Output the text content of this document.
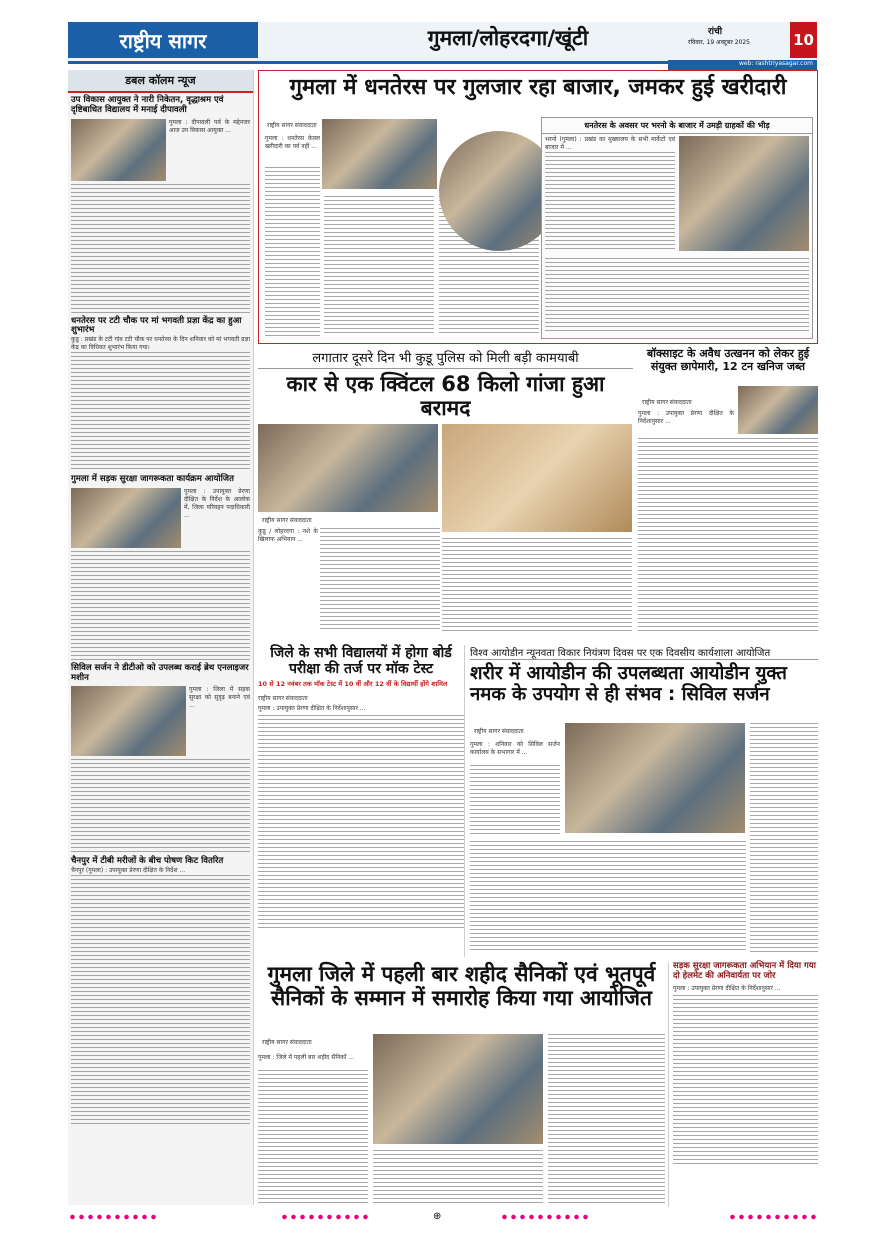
राष्ट्रीय सागर	गुमला/लोहरदगा/खूंटी	रांची
रविवार, 19 अक्टूबर 2025	10
web: rashtriyasagar.com
डबल कॉलम न्यूज
उप विकास आयुक्त ने नारी निकेतन, वृद्धाश्रम एवं दृष्टिबाधित विद्यालय में मनाई दीपावली
गुमला : दीपावली पर्व के मद्देनजर आज उप विकास आयुक्त ...
धनतेरस पर टटी चौक पर मां भगवती प्रज्ञा केंद्र का हुआ शुभारंभ
कुडू : प्रखंड के टटी गांव टटी चौक पर धनतेरस के दिन शनिवार को मां भगवती प्रज्ञा केंद्र का विधिवत शुभारंभ किया गया।
गुमला में सड़क सुरक्षा जागरूकता कार्यक्रम आयोजित
गुमला : उपायुक्त प्रेरणा दीक्षित के निर्देश के आलोक में, जिला परिवहन पदाधिकारी ...
सिविल सर्जन ने डीटीओ को उपलब्ध कराई ब्रेथ एनलाइजर मशीन
गुमला : जिला में सड़क सुरक्षा को सुदृढ़ बनाने एवं ...
चैनपुर में टीबी मरीजों के बीच पोषण किट वितरित
चैनपुर (गुमला) : उपायुक्त प्रेरणा दीक्षित के निर्देश ...
गुमला में धनतेरस पर गुलजार रहा बाजार, जमकर हुई खरीदारी
राष्ट्रीय सागर संवाददाता
गुमला : धनतेरस केवल खरीदारी का पर्व नहीं ...
धनतेरस के अवसर पर भरनो के बाजार में उमड़ी ग्राहकों की भीड़
भरनो (गुमला) : प्रखंड का मुख्यालय के सभी मार्केटों एवं बाजार में ...
लगातार दूसरे दिन भी कुडू पुलिस को मिली बड़ी कामयाबी
कार से एक क्विंटल 68 किलो गांजा हुआ बरामद
राष्ट्रीय सागर संवाददाता
कुडू / लोहरदगा : नशे के खिलाफ अभियान ...
बॉक्साइट के अवैध उत्खनन को लेकर हुई संयुक्त छापेमारी, 12 टन खनिज जब्त
राष्ट्रीय सागर संवाददाता
गुमला : उपायुक्त प्रेरणा दीक्षित के निर्देशानुसार ...
जिले के सभी विद्यालयों में होगा बोर्ड परीक्षा की तर्ज पर मॉक टेस्ट
10 से 12 नवंबर तक मॉक टेस्ट में 10 वीं और 12 वीं के विद्यार्थी होंगे शामिल
राष्ट्रीय सागर संवाददाता
गुमला : उपायुक्त प्रेरणा दीक्षित के निर्देशानुसार ...
विश्व आयोडीन न्यूनवता विकार नियंत्रण दिवस पर एक दिवसीय कार्यशाला आयोजित
शरीर में आयोडीन की उपलब्धता आयोडीन युक्त नमक के उपयोग से ही संभव : सिविल सर्जन
राष्ट्रीय सागर संवाददाता
गुमला : शनिवार को सिविल सर्जन कार्यालय के सभागार में ...
गुमला जिले में पहली बार शहीद सैनिकों एवं भूतपूर्व सैनिकों के सम्मान में समारोह किया गया आयोजित
राष्ट्रीय सागर संवाददाता
गुमला : जिले में पहली बार शहीद सैनिकों ...
सड़क सुरक्षा जागरूकता अभियान में दिया गया दो हेलमेट की अनिवार्यता पर जोर
गुमला : उपायुक्त प्रेरणा दीक्षित के निर्देशानुसार ...
⊕
